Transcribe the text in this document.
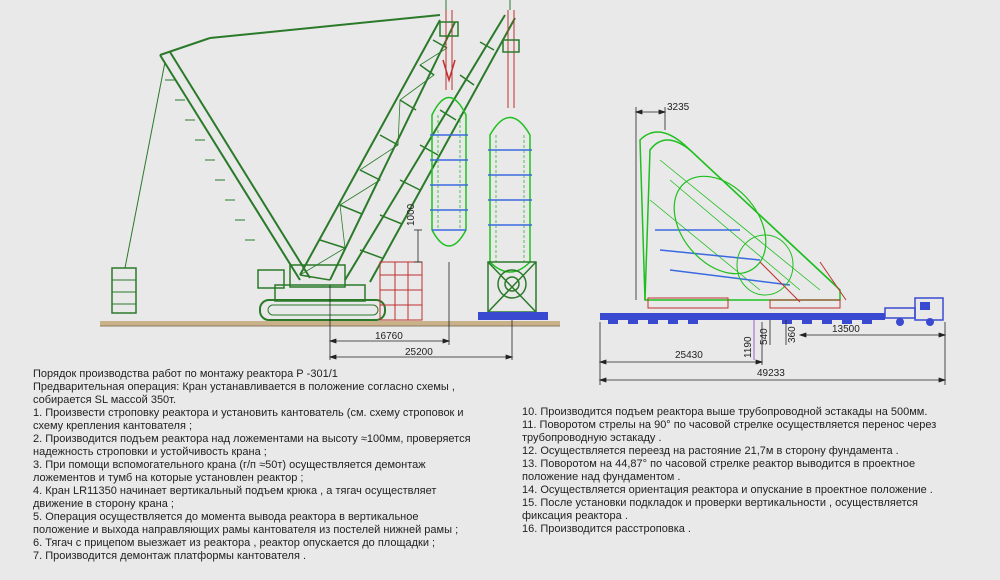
1000
16760
25200
3235
1190 540 360	13500
25430
49233

Порядок производства работ по монтажу реактора Р -301/1

Предварительная операция: Кран устанавливается в положение согласно схемы ,

собирается SL массой 350т.

1. Произвести строповку реактора и установить кантователь (см. схему строповок и

схему крепления кантователя ;

2. Производится подъем реактора над ложементами на высоту ≈100мм, проверяется

надежность строповки и устойчивость крана ;

3. При помощи вспомогательного крана (г/п ≈50т) осуществляется демонтаж

ложементов и тумб на которые установлен реактор ;

4. Кран LR11350 начинает вертикальный подъем крюка , а тягач осуществляет

движение в сторону крана ;

5. Операция осуществляется до момента вывода реактора в вертикальное

положение и выхода направляющих рамы кантователя из постелей нижней рамы ;

6. Тягач с прицепом выезжает из реактора , реактор опускается до площадки ;

7. Производится демонтаж платформы кантователя .

10. Производится подъем реактора выше трубопроводной эстакады на 500мм.

11. Поворотом стрелы на 90° по часовой стрелке осуществляется перенос через

трубопроводную эстакаду .

12. Осуществляется переезд на растояние 21,7м в сторону фундамента .

13. Поворотом на 44,87° по часовой стрелке реактор выводится в проектное

положение над фундаментом .

14. Осуществляется ориентация реактора и опускание в проектное положение .

15. После установки подкладок и проверки вертикальности , осуществляется

фиксация реактора .

16. Производится расстроповка .
